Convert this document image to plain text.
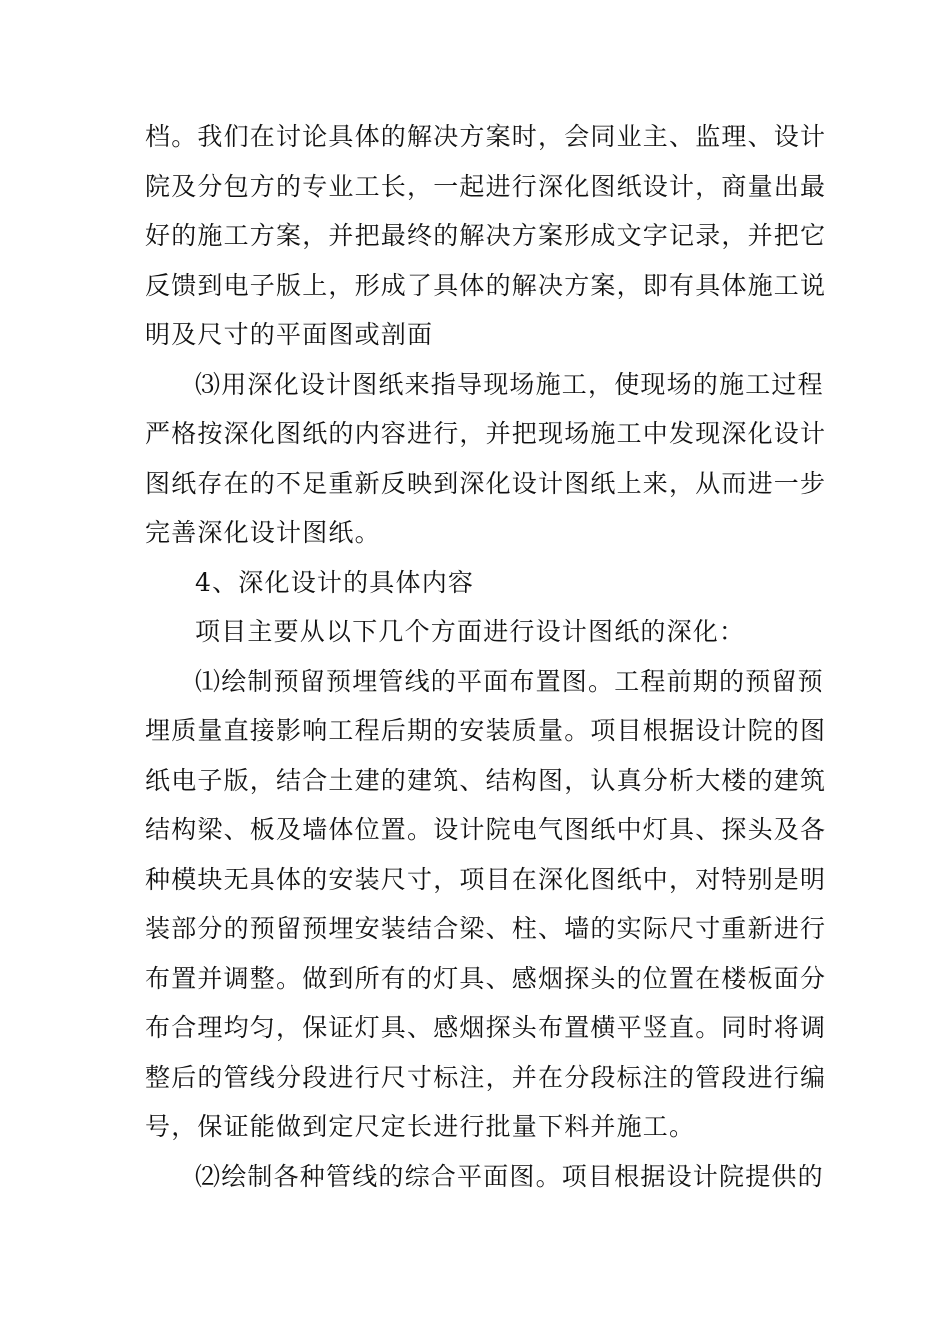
档。我们在讨论具体的解决方案时，会同业主、监理、设计
院及分包方的专业工长，一起进行深化图纸设计，商量出最
好的施工方案，并把最终的解决方案形成文字记录，并把它
反馈到电子版上，形成了具体的解决方案，即有具体施工说
明及尺寸的平面图或剖面
⑶用深化设计图纸来指导现场施工，使现场的施工过程
严格按深化图纸的内容进行，并把现场施工中发现深化设计
图纸存在的不足重新反映到深化设计图纸上来，从而进一步
完善深化设计图纸。
4、深化设计的具体内容
项目主要从以下几个方面进行设计图纸的深化：
⑴绘制预留预埋管线的平面布置图。工程前期的预留预
埋质量直接影响工程后期的安装质量。项目根据设计院的图
纸电子版，结合土建的建筑、结构图，认真分析大楼的建筑
结构梁、板及墙体位置。设计院电气图纸中灯具、探头及各
种模块无具体的安装尺寸，项目在深化图纸中，对特别是明
装部分的预留预埋安装结合梁、柱、墙的实际尺寸重新进行
布置并调整。做到所有的灯具、感烟探头的位置在楼板面分
布合理均匀，保证灯具、感烟探头布置横平竖直。同时将调
整后的管线分段进行尺寸标注，并在分段标注的管段进行编
号，保证能做到定尺定长进行批量下料并施工。
⑵绘制各种管线的综合平面图。项目根据设计院提供的
